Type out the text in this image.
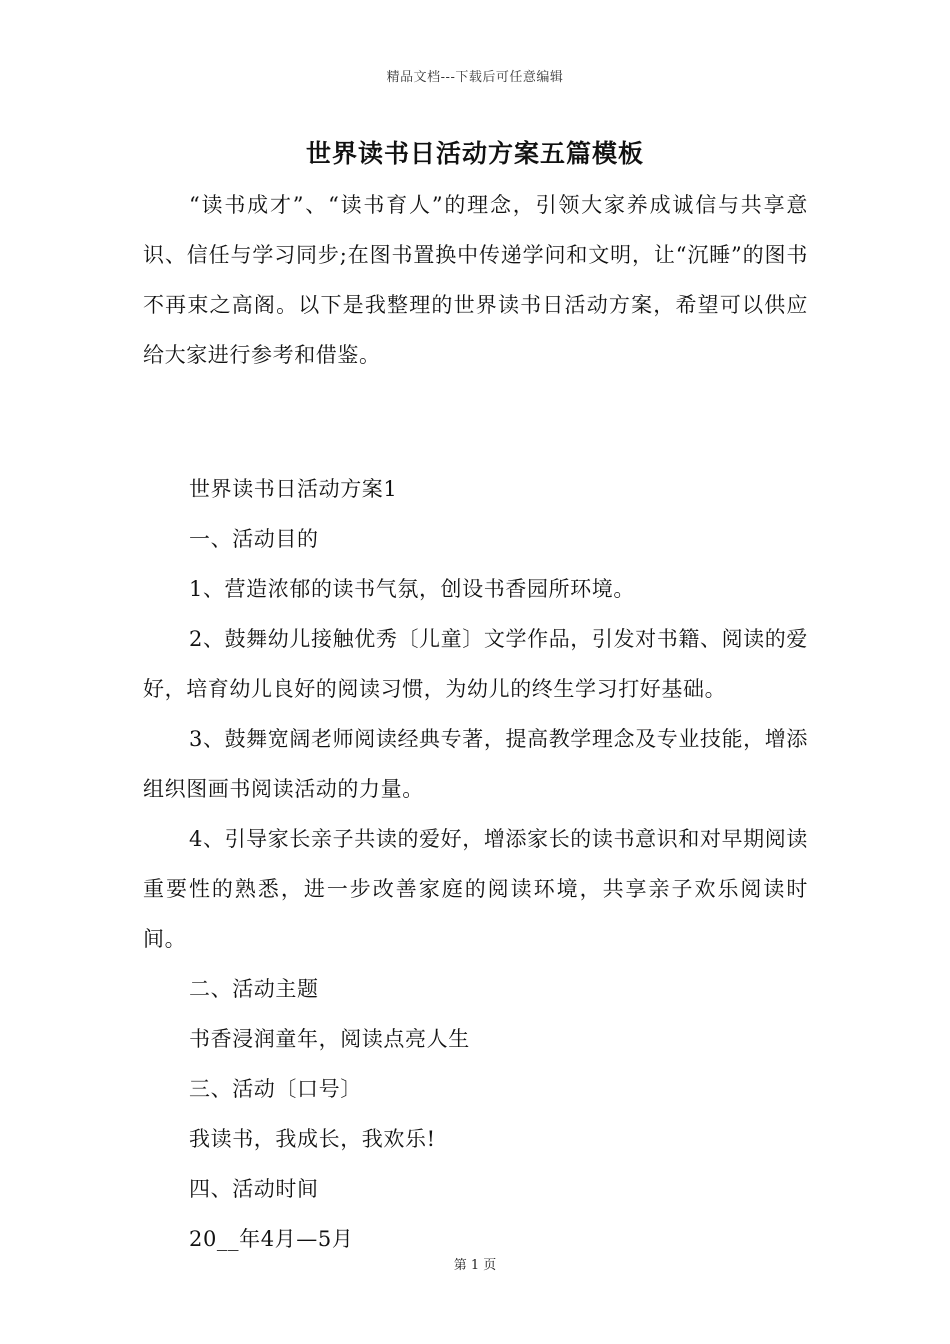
精品文档---下载后可任意编辑
世界读书日活动方案五篇模板

“读书成才”、“读书育人”的理念，引领大家养成诚信与共享意识、信任与学习同步;在图书置换中传递学问和文明，让“沉睡”的图书不再束之高阁。以下是我整理的世界读书日活动方案，希望可以供应给大家进行参考和借鉴。

世界读书日活动方案1

一、活动目的

1、营造浓郁的读书气氛，创设书香园所环境。

2、鼓舞幼儿接触优秀〔儿童〕文学作品，引发对书籍、阅读的爱好，培育幼儿良好的阅读习惯，为幼儿的终生学习打好基础。

3、鼓舞宽阔老师阅读经典专著，提高教学理念及专业技能，增添组织图画书阅读活动的力量。

4、引导家长亲子共读的爱好，增添家长的读书意识和对早期阅读重要性的熟悉，进一步改善家庭的阅读环境，共享亲子欢乐阅读时间。

二、活动主题

书香浸润童年，阅读点亮人生

三、活动〔口号〕

我读书，我成长，我欢乐!

四、活动时间

20__年4月—5月

第 1 页
